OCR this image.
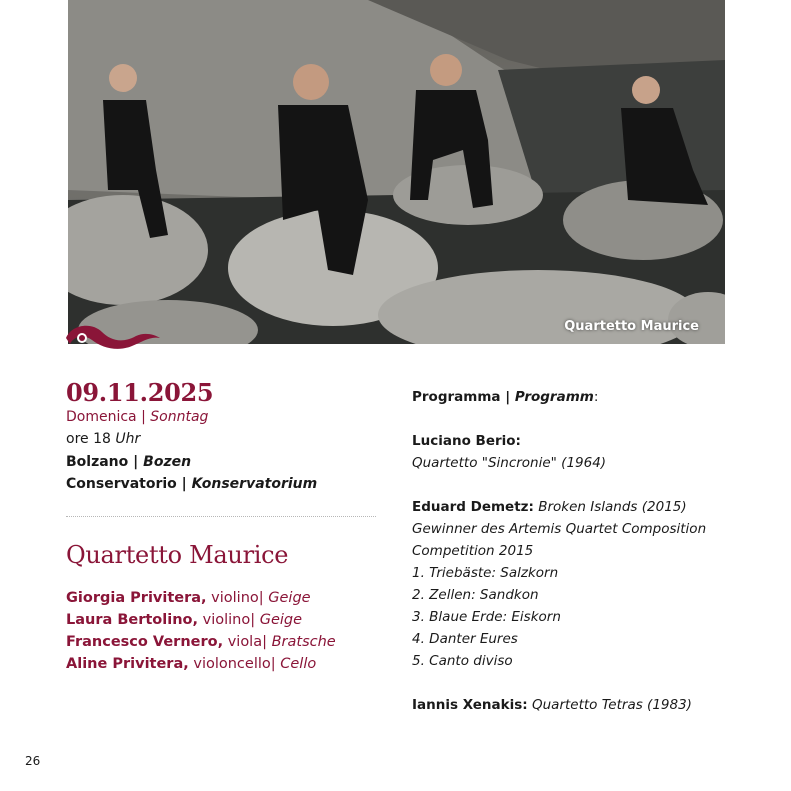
Quartetto Maurice
09.11.2025
Domenica | Sonntag
ore 18 Uhr
Bolzano | Bozen
Conservatorio | Konservatorium
Quartetto Maurice
Giorgia Privitera, violino| Geige
Laura Bertolino, violino| Geige
Francesco Vernero, viola| Bratsche
Aline Privitera, violoncello| Cello
Programma | Programm:
Luciano Berio:
Quartetto "Sincronie" (1964)
Eduard Demetz: Broken Islands (2015)
Gewinner des Artemis Quartet Composition
Competition 2015
1. Triebäste: Salzkorn
2. Zellen: Sandkon
3. Blaue Erde: Eiskorn
4. Danter Eures
5. Canto diviso
Iannis Xenakis: Quartetto Tetras (1983)
26
